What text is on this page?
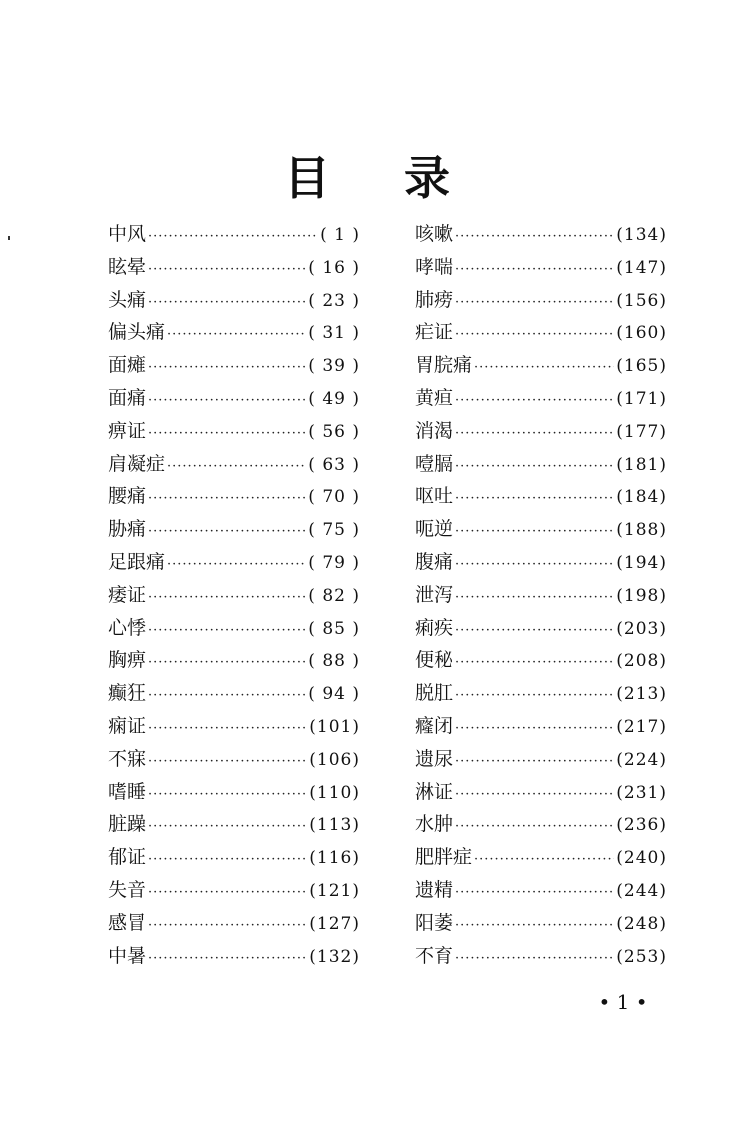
目 录
中风 ·····	( 1 )
眩晕 ·····	( 16 )
头痛 ·····	( 23 )
偏头痛 ·····	( 31 )
面瘫 ·····	( 39 )
面痛 ·····	( 49 )
痹证 ·····	( 56 )
肩凝症 ·····	( 63 )
腰痛 ·····	( 70 )
胁痛 ·····	( 75 )
足跟痛 ·····	( 79 )
痿证 ·····	( 82 )
心悸 ·····	( 85 )
胸痹 ·····	( 88 )
癫狂 ·····	( 94 )
痫证 ·····	(101)
不寐 ·····	(106)
嗜睡 ·····	(110)
脏躁 ·····	(113)
郁证 ·····	(116)
失音 ·····	(121)
感冒 ·····	(127)
中暑 ·····	(132)
咳嗽 ·····	(134)
哮喘 ·····	(147)
肺痨 ·····	(156)
疟证 ·····	(160)
胃脘痛 ·····	(165)
黄疸 ·····	(171)
消渴 ·····	(177)
噎膈 ·····	(181)
呕吐 ·····	(184)
呃逆 ·····	(188)
腹痛 ·····	(194)
泄泻 ·····	(198)
痢疾 ·····	(203)
便秘 ·····	(208)
脱肛 ·····	(213)
癃闭 ·····	(217)
遗尿 ·····	(224)
淋证 ·····	(231)
水肿 ·····	(236)
肥胖症 ·····	(240)
遗精 ·····	(244)
阳萎 ·····	(248)
不育 ·····	(253)
• 1 •
